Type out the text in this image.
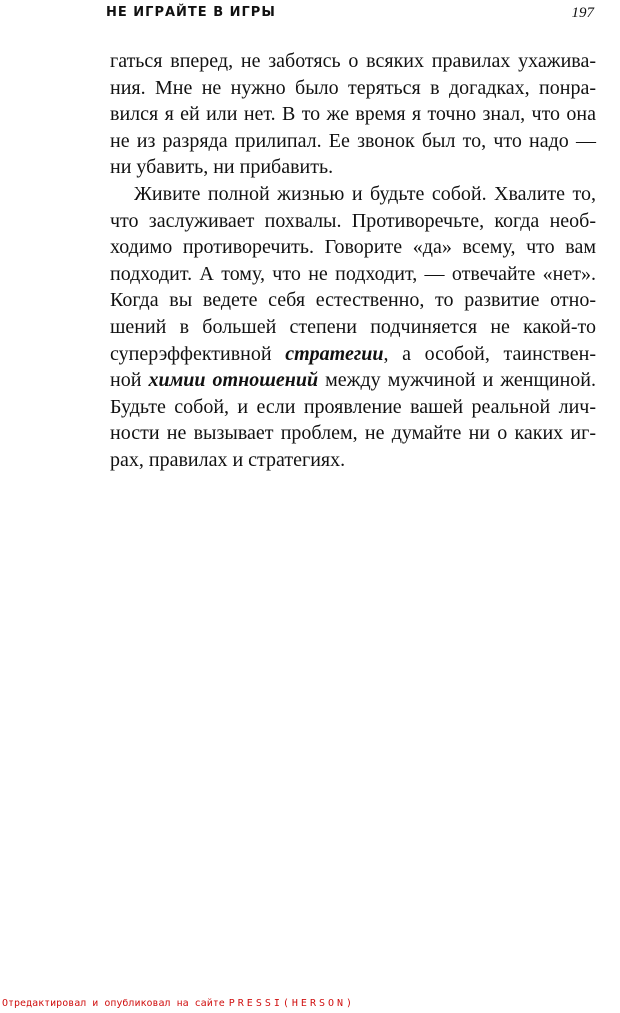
НЕ ИГРАЙТЕ В ИГРЫ	197
гаться вперед, не заботясь о всяких правилах ухажива-
ния. Мне не нужно было теряться в догадках, понра-
вился я ей или нет. В то же время я точно знал, что она
не из разряда прилипал. Ее звонок был то, что надо —
ни убавить, ни прибавить.
Живите полной жизнью и будьте собой. Хвалите то,
что заслуживает похвалы. Противоречьте, когда необ-
ходимо противоречить. Говорите «да» всему, что вам
подходит. А тому, что не подходит, — отвечайте «нет».
Когда вы ведете себя естественно, то развитие отно-
шений в большей степени подчиняется не какой-то
суперэффективной стратегии, а особой, таинствен-
ной химии отношений между мужчиной и женщиной.
Будьте собой, и если проявление вашей реальной лич-
ности не вызывает проблем, не думайте ни о каких иг-
рах, правилах и стратегиях.
Отредактировал и опубликовал на сайте PRESSI(HERSON)
